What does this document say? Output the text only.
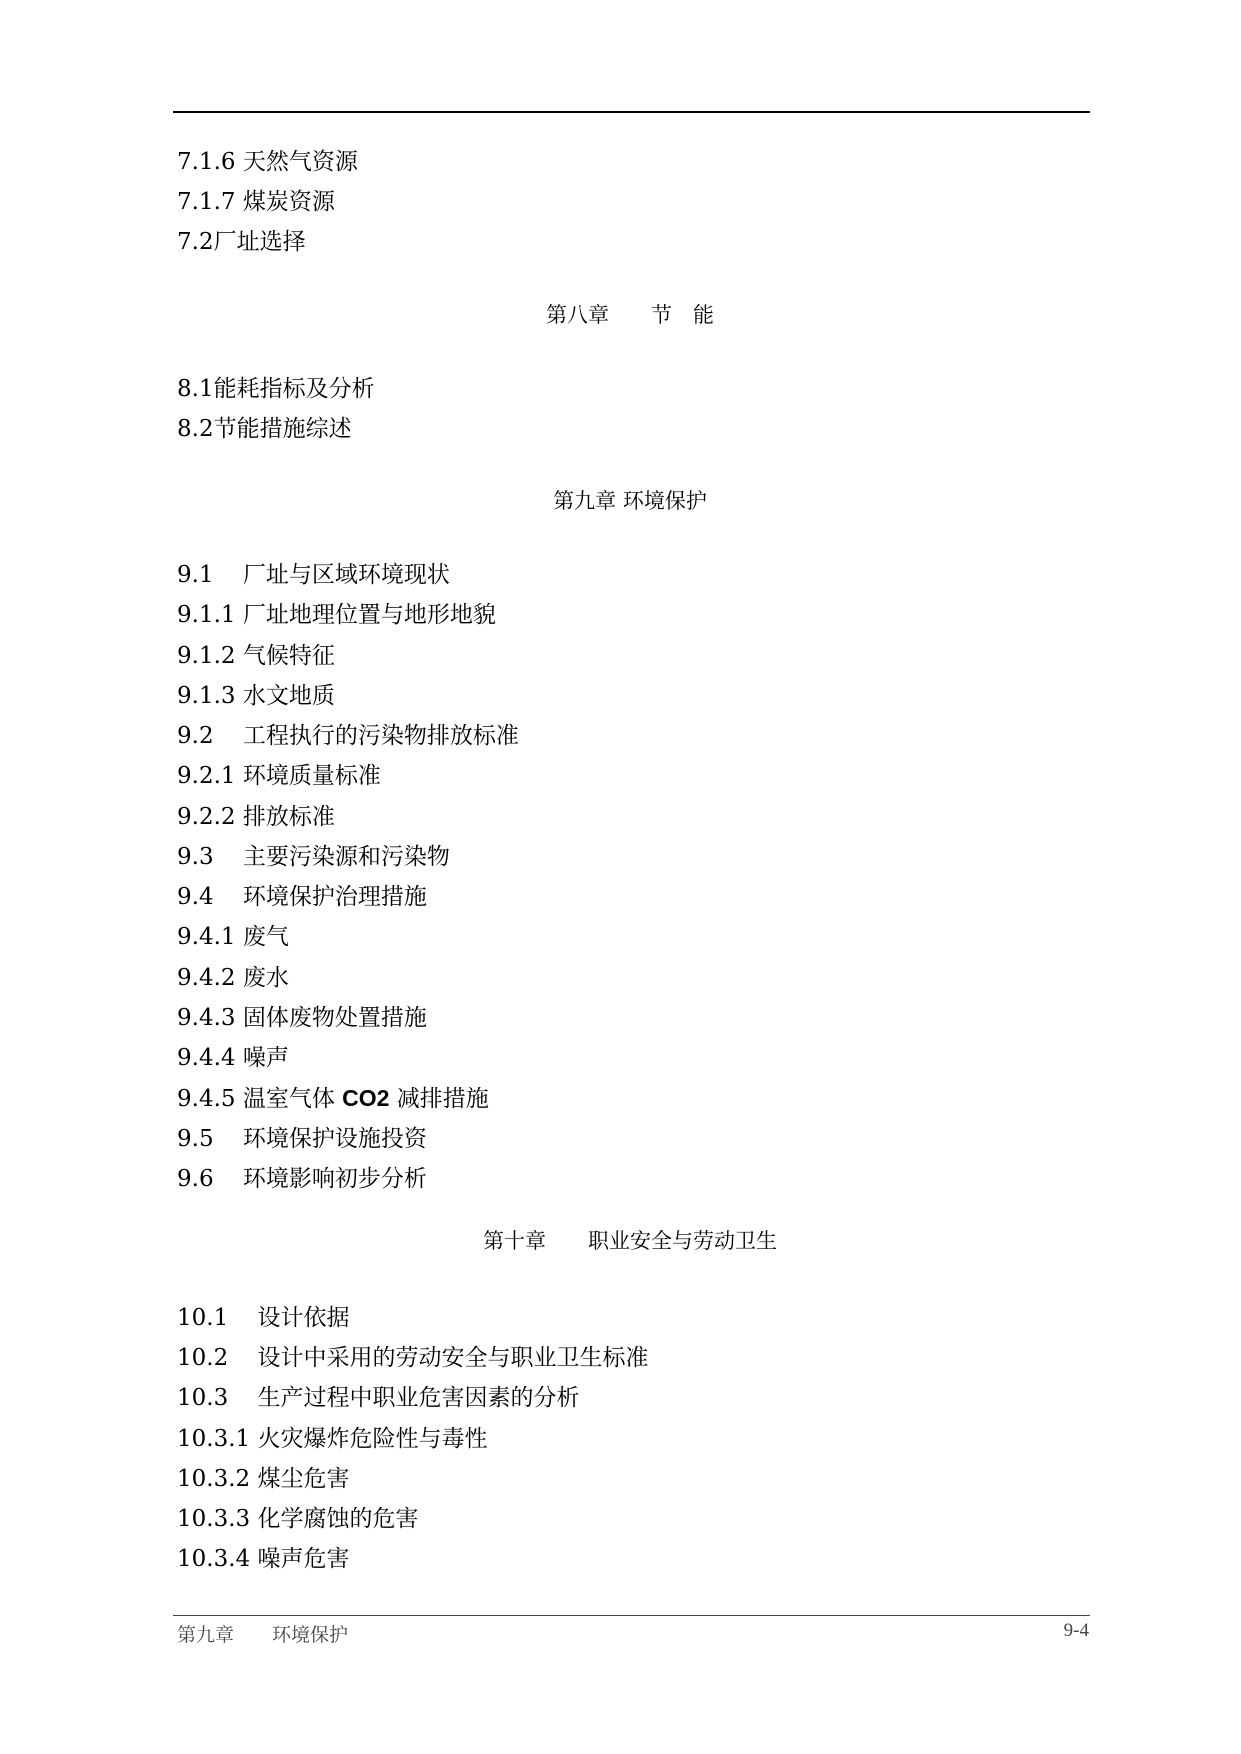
7.1.6 天然气资源
7.1.7 煤炭资源
7.2厂址选择
第八章　　节　能
8.1能耗指标及分析
8.2节能措施综述
第九章 环境保护
9.1 厂址与区域环境现状
9.1.1 厂址地理位置与地形地貌
9.1.2 气候特征
9.1.3 水文地质
9.2 工程执行的污染物排放标准
9.2.1 环境质量标准
9.2.2 排放标准
9.3 主要污染源和污染物
9.4 环境保护治理措施
9.4.1 废气
9.4.2 废水
9.4.3 固体废物处置措施
9.4.4 噪声
9.4.5 温室气体 CO2 减排措施
9.5 环境保护设施投资
9.6 环境影响初步分析
第十章　　职业安全与劳动卫生
10.1 设计依据
10.2 设计中采用的劳动安全与职业卫生标准
10.3 生产过程中职业危害因素的分析
10.3.1 火灾爆炸危险性与毒性
10.3.2 煤尘危害
10.3.3 化学腐蚀的危害
10.3.4 噪声危害
第九章　　环境保护	9-4
